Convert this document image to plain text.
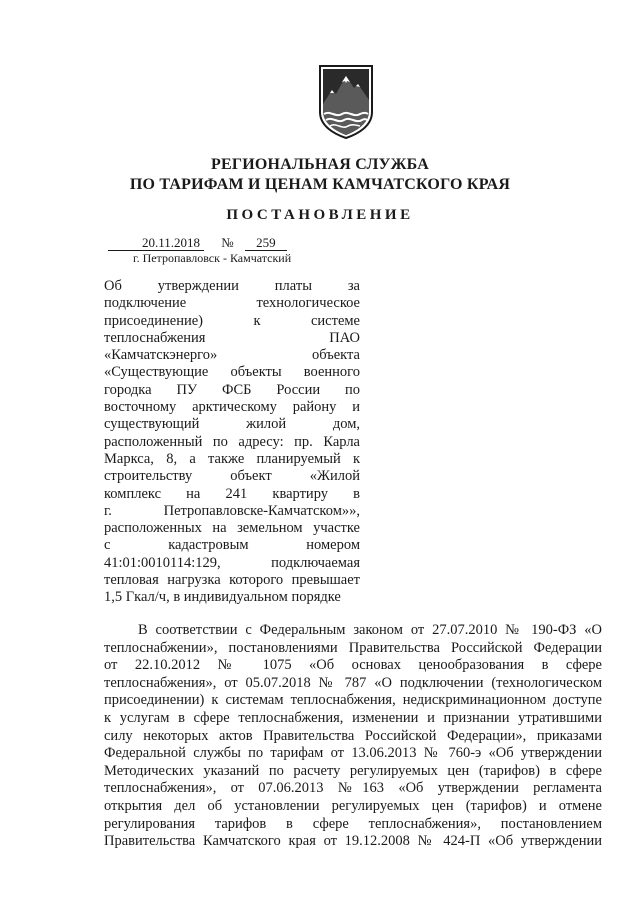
РЕГИОНАЛЬНАЯ СЛУЖБА
ПО ТАРИФАМ И ЦЕНАМ КАМЧАТСКОГО КРАЯ
ПОСТАНОВЛЕНИЕ
20.11.2018 № 259
г. Петропавловск - Камчатский
Об утверждении платы за
подключение технологическое
присоединение) к системе
теплоснабжения ПАО
«Камчатскэнерго» объекта
«Существующие объекты военного
городка ПУ ФСБ России по
восточному арктическому району и
существующий жилой дом,
расположенный по адресу: пр. Карла
Маркса, 8, а также планируемый к
строительству объект «Жилой
комплекс на 241 квартиру в
г. Петропавловске-Камчатском»»,
расположенных на земельном участке
с кадастровым номером
41:01:0010114:129, подключаемая
тепловая нагрузка которого превышает
1,5 Гкал/ч, в индивидуальном порядке
В соответствии с Федеральным законом от 27.07.2010 № 190-ФЗ «О
теплоснабжении», постановлениями Правительства Российской Федерации
от 22.10.2012 № 1075 «Об основах ценообразования в сфере
теплоснабжения», от 05.07.2018 № 787 «О подключении (технологическом
присоединении) к системам теплоснабжения, недискриминационном доступе
к услугам в сфере теплоснабжения, изменении и признании утратившими
силу некоторых актов Правительства Российской Федерации», приказами
Федеральной службы по тарифам от 13.06.2013 № 760-э «Об утверждении
Методических указаний по расчету регулируемых цен (тарифов) в сфере
теплоснабжения», от 07.06.2013 №163 «Об утверждении регламента
открытия дел об установлении регулируемых цен (тарифов) и отмене
регулирования тарифов в сфере теплоснабжения», постановлением
Правительства Камчатского края от 19.12.2008 № 424-П «Об утверждении
